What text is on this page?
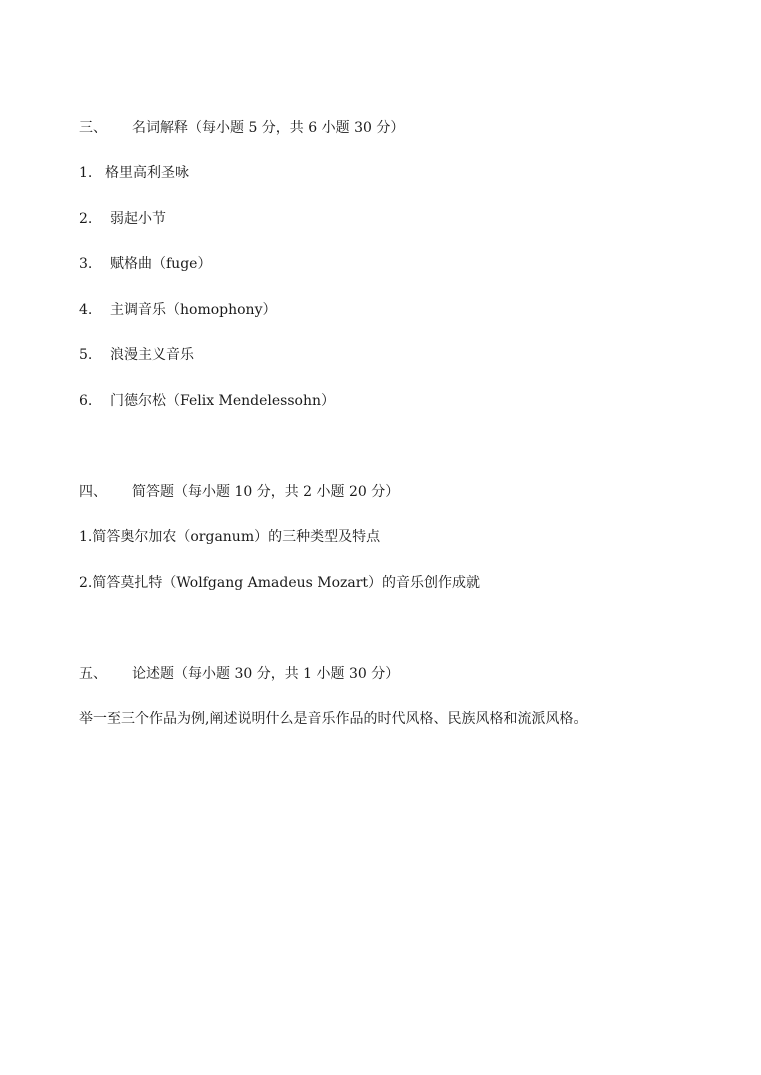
三、 名词解释（每小题 5 分，共 6 小题 30 分）
1. 格里高利圣咏
2. 弱起小节
3. 赋格曲（fuge）
4. 主调音乐（homophony）
5. 浪漫主义音乐
6. 门德尔松（Felix Mendelessohn）
四、 简答题（每小题 10 分，共 2 小题 20 分）
1.简答奥尔加农（organum）的三种类型及特点
2.简答莫扎特（Wolfgang Amadeus Mozart）的音乐创作成就
五、 论述题（每小题 30 分，共 1 小题 30 分）
举一至三个作品为例,阐述说明什么是音乐作品的时代风格、民族风格和流派风格。
